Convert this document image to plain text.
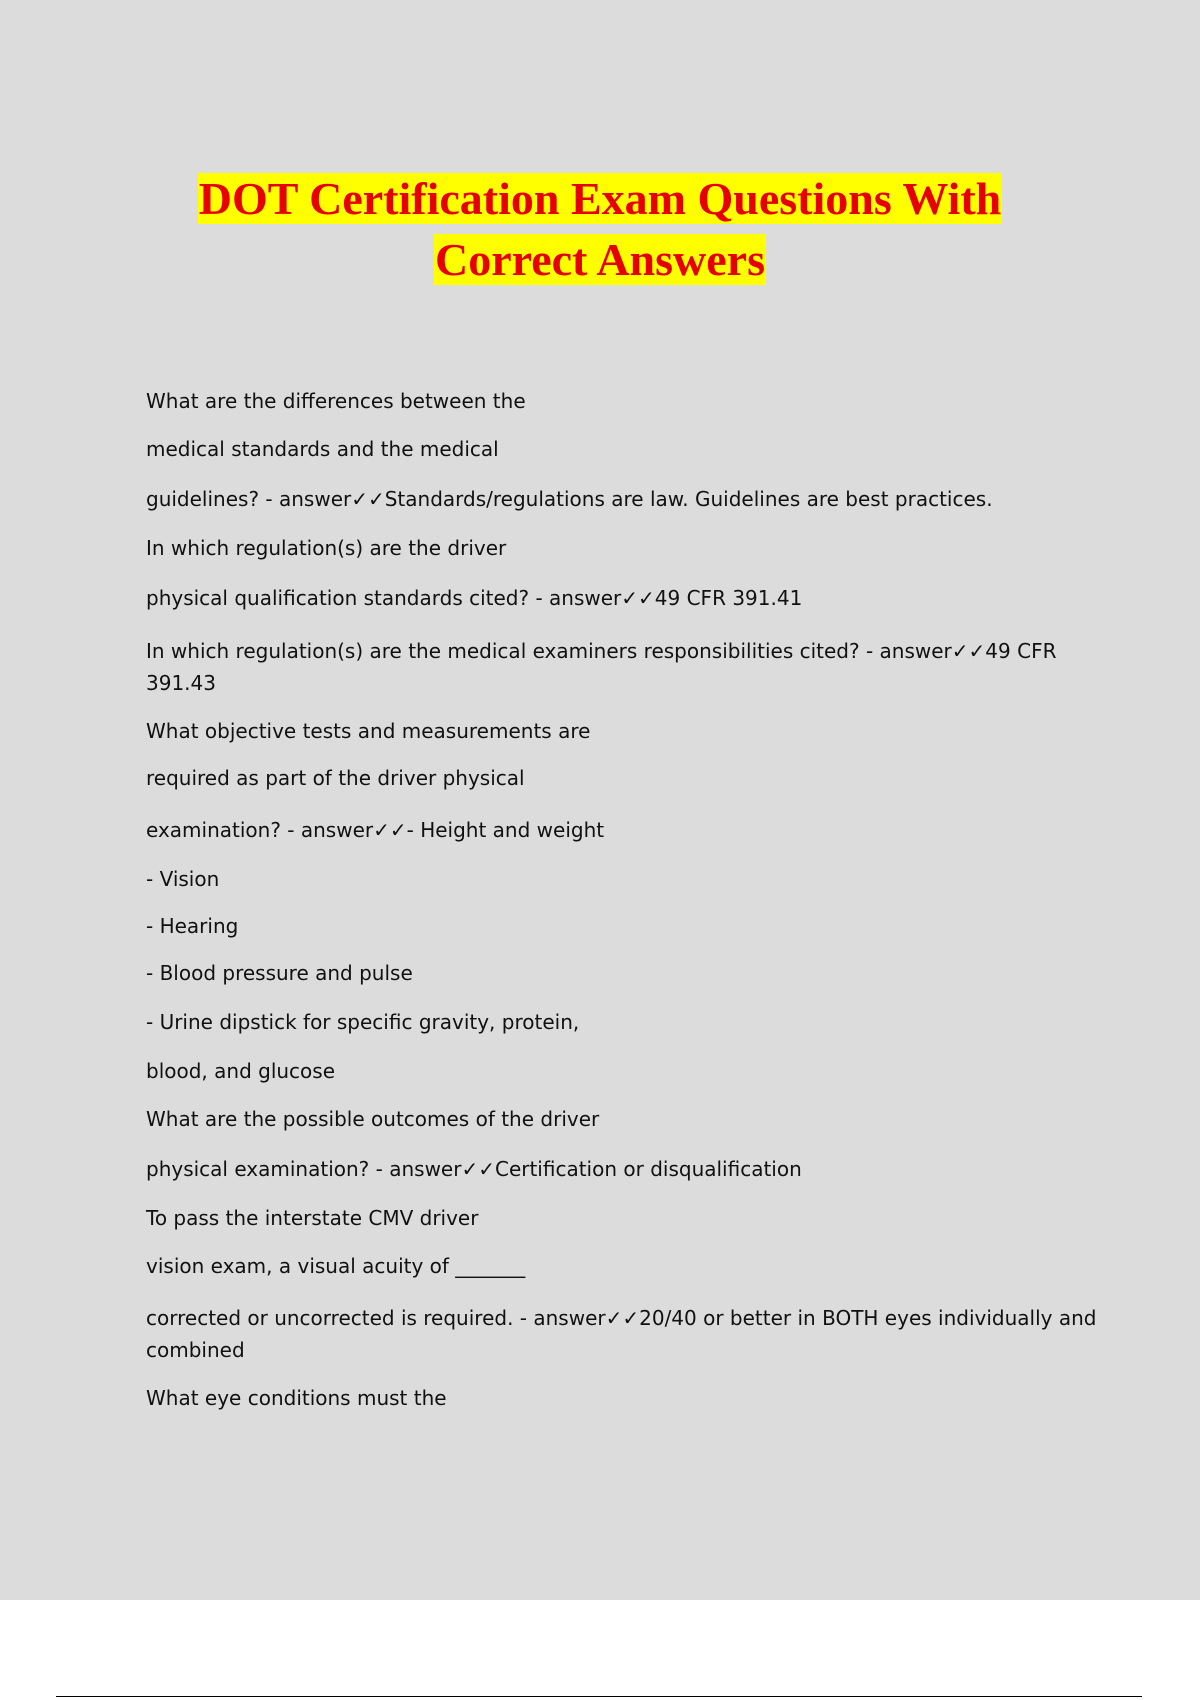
DOT Certification Exam Questions With
Correct Answers
What are the differences between the
medical standards and the medical
guidelines? - answer✓✓Standards/regulations are law. Guidelines are best practices.
In which regulation(s) are the driver
physical qualification standards cited? - answer✓✓49 CFR 391.41
In which regulation(s) are the medical examiners responsibilities cited? - answer✓✓49 CFR
391.43
What objective tests and measurements are
required as part of the driver physical
examination? - answer✓✓- Height and weight
- Vision
- Hearing
- Blood pressure and pulse
- Urine dipstick for specific gravity, protein,
blood, and glucose
What are the possible outcomes of the driver
physical examination? - answer✓✓Certification or disqualification
To pass the interstate CMV driver
vision exam, a visual acuity of _______
corrected or uncorrected is required. - answer✓✓20/40 or better in BOTH eyes individually and
combined
What eye conditions must the
